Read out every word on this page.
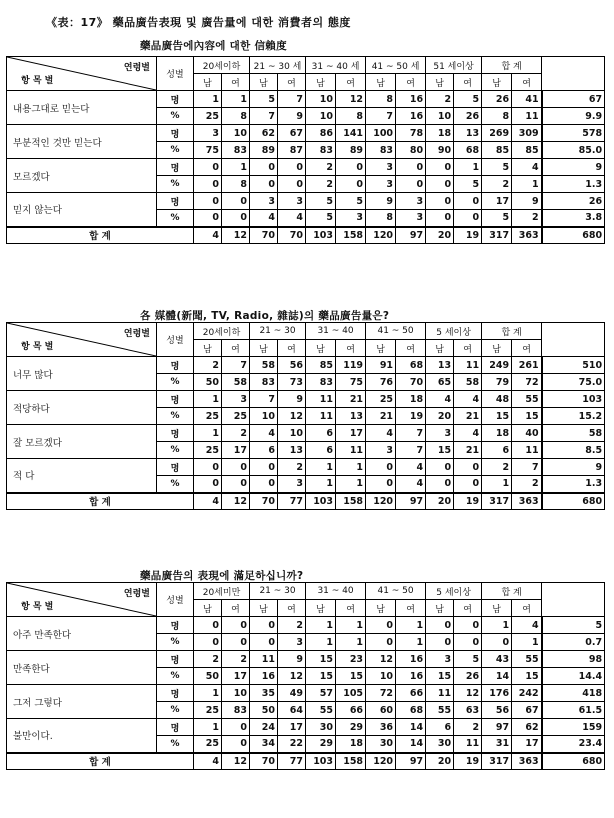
《表：17》 藥品廣告表現 및 廣告量에 대한 消費者의 態度
藥品廣告에內容에 대한 信賴度
연령별
항 목 별	성별	20세이하		21 ~ 30 세		31 ~ 40 세		41 ~ 50 세		51 세이상		합 계		
		남	여	남	여	남	여	남	여	남	여	남	여	
내용그대로 믿는다	명	1	1	5	7	10	12	8	16	2	5	26	41	67
	%	25	8	7	9	10	8	7	16	10	26	8	11	9.9
부분적인 것만 믿는다	명	3	10	62	67	86	141	100	78	18	13	269	309	578
	%	75	83	89	87	83	89	83	80	90	68	85	85	85.0
모르겠다	명	0	1	0	0	2	0	3	0	0	1	5	4	9
	%	0	8	0	0	2	0	3	0	0	5	2	1	1.3
믿지 않는다	명	0	0	3	3	5	5	9	3	0	0	17	9	26
	%	0	0	4	4	5	3	8	3	0	0	5	2	3.8
합 계		4	12	70	70	103	158	120	97	20	19	317	363	680
各 媒體(新聞, TV, Radio, 雜誌)의 藥品廣告量은?
연령별
항 목 별	성별	20세이하		21 ~ 30		31 ~ 40		41 ~ 50		5 세이상		합 계		
		남	여	남	여	남	여	남	여	남	여	남	여	
너무 많다	명	2	7	58	56	85	119	91	68	13	11	249	261	510
	%	50	58	83	73	83	75	76	70	65	58	79	72	75.0
적당하다	명	1	3	7	9	11	21	25	18	4	4	48	55	103
	%	25	25	10	12	11	13	21	19	20	21	15	15	15.2
잘 모르겠다	명	1	2	4	10	6	17	4	7	3	4	18	40	58
	%	25	17	6	13	6	11	3	7	15	21	6	11	8.5
적 다	명	0	0	0	2	1	1	0	4	0	0	2	7	9
	%	0	0	0	3	1	1	0	4	0	0	1	2	1.3
합 계		4	12	70	77	103	158	120	97	20	19	317	363	680
藥品廣告의 表現에 滿足하십니까?
연령별
항 목 별	성별	20세미만		21 ~ 30		31 ~ 40		41 ~ 50		5 세이상		합 계		
		남	여	남	여	남	여	남	여	남	여	남	여	
아주 만족한다	명	0	0	0	2	1	1	0	1	0	0	1	4	5
	%	0	0	0	3	1	1	0	1	0	0	0	1	0.7
만족한다	명	2	2	11	9	15	23	12	16	3	5	43	55	98
	%	50	17	16	12	15	15	10	16	15	26	14	15	14.4
그저 그렇다	명	1	10	35	49	57	105	72	66	11	12	176	242	418
	%	25	83	50	64	55	66	60	68	55	63	56	67	61.5
불만이다.	명	1	0	24	17	30	29	36	14	6	2	97	62	159
	%	25	0	34	22	29	18	30	14	30	11	31	17	23.4
합 계		4	12	70	77	103	158	120	97	20	19	317	363	680
